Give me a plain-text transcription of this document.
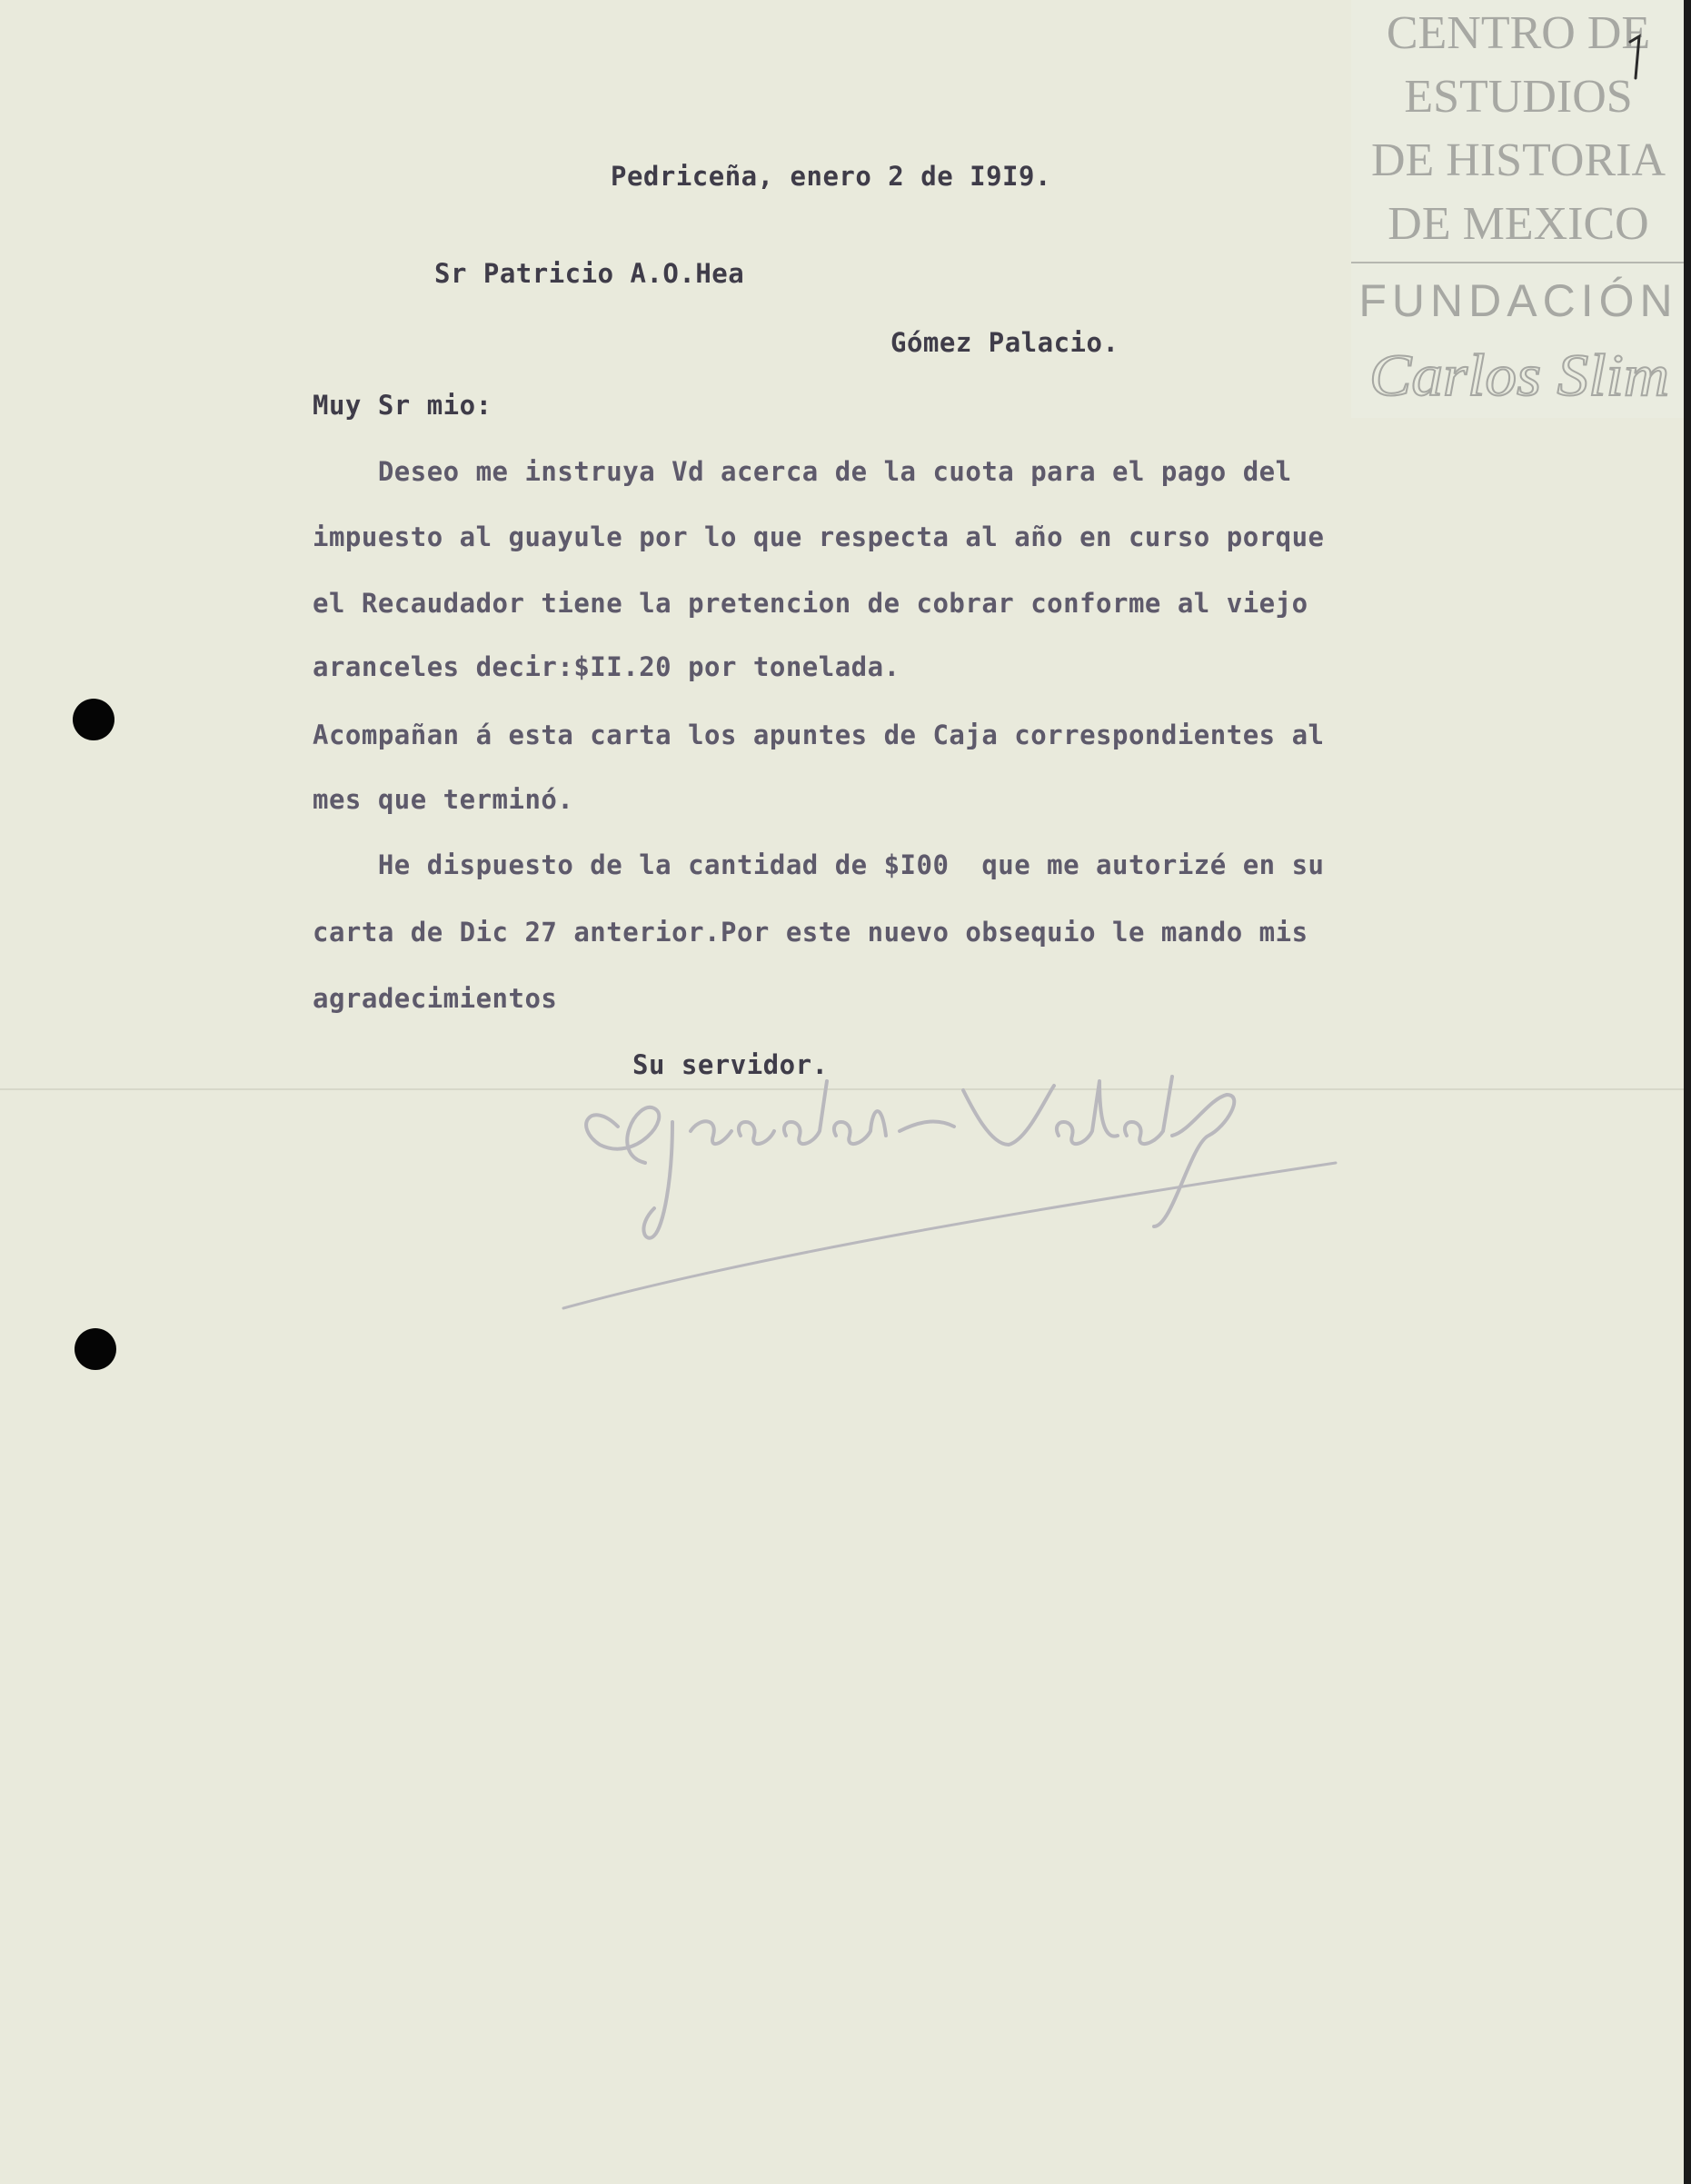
Pedriceña, enero 2 de I9I9.
Sr Patricio A.O.Hea
Gómez Palacio.
Muy Sr mio:
Deseo me instruya Vd acerca de la cuota para el pago del
impuesto al guayule por lo que respecta al año en curso porque
el Recaudador tiene la pretencion de cobrar conforme al viejo
aranceles decir:$II.20 por tonelada.
Acompañan á esta carta los apuntes de Caja correspondientes al
mes que terminó.
He dispuesto de la cantidad de $I00  que me autorizé en su
carta de Dic 27 anterior.Por este nuevo obsequio le mando mis
agradecimientos
Su servidor.
CENTRO DE
ESTUDIOS
DE HISTORIA
DE MEXICO
FUNDACIÓN
Carlos Slim
